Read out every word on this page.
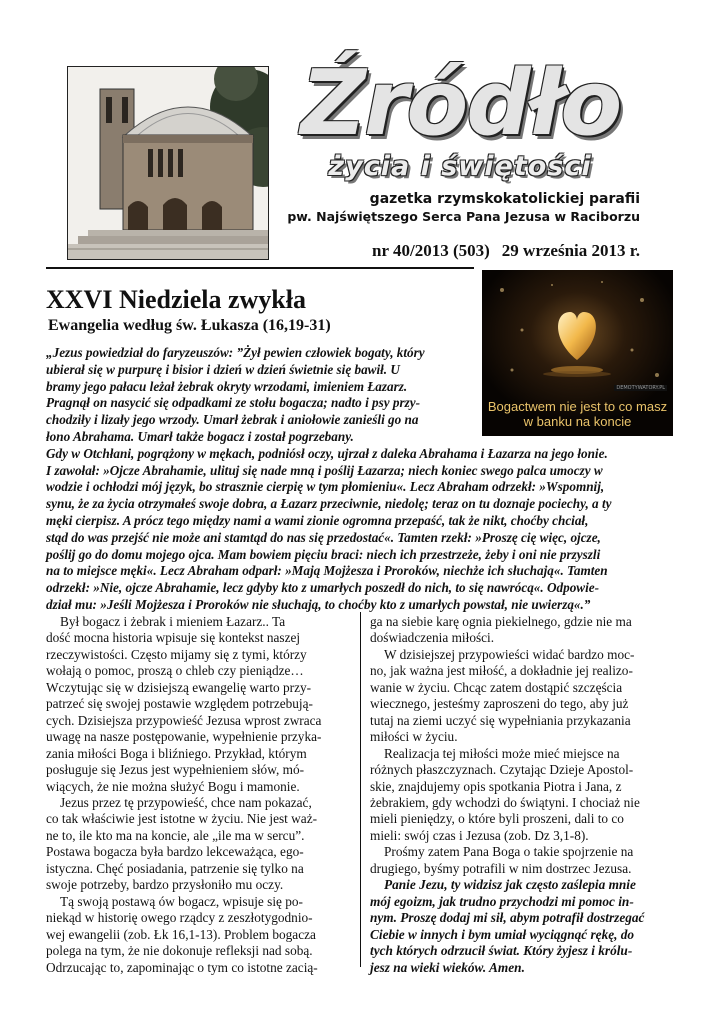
Źródło
życia i świętości
gazetka rzymskokatolickiej parafii
pw. Najświętszego Serca Pana Jezusa w Raciborzu
nr 40/2013 (503) 29 września 2013 r.
DEMOTYWATORY.PL
Bogactwem nie jest to co masz
w banku na koncie
XXVI Niedziela zwykła
Ewangelia według św. Łukasza (16,19-31)

„Jezus powiedział do faryzeuszów: ”Żył pewien człowiek bogaty, który

ubierał się w purpurę i bisior i dzień w dzień świetnie się bawił. U

bramy jego pałacu leżał żebrak okryty wrzodami, imieniem Łazarz.

Pragnął on nasycić się odpadkami ze stołu bogacza; nadto i psy przy-

chodziły i lizały jego wrzody. Umarł żebrak i aniołowie zanieśli go na

łono Abrahama. Umarł także bogacz i został pogrzebany.

Gdy w Otchłani, pogrążony w mękach, podniósł oczy, ujrzał z daleka Abrahama i Łazarza na jego łonie.

I zawołał: »Ojcze Abrahamie, ulituj się nade mną i poślij Łazarza; niech koniec swego palca umoczy w

wodzie i ochłodzi mój język, bo strasznie cierpię w tym płomieniu«. Lecz Abraham odrzekł: »Wspomnij,

synu, że za życia otrzymałeś swoje dobra, a Łazarz przeciwnie, niedolę; teraz on tu doznaje pociechy, a ty

męki cierpisz. A prócz tego między nami a wami zionie ogromna przepaść, tak że nikt, choćby chciał,

stąd do was przejść nie może ani stamtąd do nas się przedostać«. Tamten rzekł: »Proszę cię więc, ojcze,

poślij go do domu mojego ojca. Mam bowiem pięciu braci: niech ich przestrzeże, żeby i oni nie przyszli

na to miejsce męki«. Lecz Abraham odparł: »Mają Mojżesza i Proroków, niechże ich słuchają«. Tamten

odrzekł: »Nie, ojcze Abrahamie, lecz gdyby kto z umarłych poszedł do nich, to się nawrócą«. Odpowie-

dział mu: »Jeśli Mojżesza i Proroków nie słuchają, to choćby kto z umarłych powstał, nie uwierzą«.”

Był bogacz i żebrak i mieniem Łazarz.. Ta

dość mocna historia wpisuje się kontekst naszej

rzeczywistości. Często mijamy się z tymi, którzy

wołają o pomoc, proszą o chleb czy pieniądze…

Wczytując się w dzisiejszą ewangelię warto przy-

patrzeć się swojej postawie względem potrzebują-

cych. Dzisiejsza przypowieść Jezusa wprost zwraca

uwagę na nasze postępowanie, wypełnienie przyka-

zania miłości Boga i bliźniego. Przykład, którym

posługuje się Jezus jest wypełnieniem słów, mó-

wiących, że nie można służyć Bogu i mamonie.

Jezus przez tę przypowieść, chce nam pokazać,

co tak właściwie jest istotne w życiu. Nie jest waż-

ne to, ile kto ma na koncie, ale „ile ma w sercu”.

Postawa bogacza była bardzo lekceważąca, ego-

istyczna. Chęć posiadania, patrzenie się tylko na

swoje potrzeby, bardzo przysłoniło mu oczy.

Tą swoją postawą ów bogacz, wpisuje się po-

niekąd w historię owego rządcy z zeszłotygodnio-

wej ewangelii (zob. Łk 16,1-13). Problem bogacza

polega na tym, że nie dokonuje refleksji nad sobą.

Odrzucając to, zapominając o tym co istotne zacią-

ga na siebie karę ognia piekielnego, gdzie nie ma

doświadczenia miłości.

W dzisiejszej przypowieści widać bardzo moc-

no, jak ważna jest miłość, a dokładnie jej realizo-

wanie w życiu. Chcąc zatem dostąpić szczęścia

wiecznego, jesteśmy zaproszeni do tego, aby już

tutaj na ziemi uczyć się wypełniania przykazania

miłości w życiu.

Realizacja tej miłości może mieć miejsce na

różnych płaszczyznach. Czytając Dzieje Apostol-

skie, znajdujemy opis spotkania Piotra i Jana, z

żebrakiem, gdy wchodzi do świątyni. I chociaż nie

mieli pieniędzy, o które byli proszeni, dali to co

mieli: swój czas i Jezusa (zob. Dz 3,1-8).

Prośmy zatem Pana Boga o takie spojrzenie na

drugiego, byśmy potrafili w nim dostrzec Jezusa.

Panie Jezu, ty widzisz jak często zaślepia mnie

mój egoizm, jak trudno przychodzi mi pomoc in-

nym. Proszę dodaj mi sił, abym potrafił dostrzegać

Ciebie w innych i bym umiał wyciągnąć rękę, do

tych których odrzucił świat. Który żyjesz i królu-

jesz na wieki wieków. Amen.
